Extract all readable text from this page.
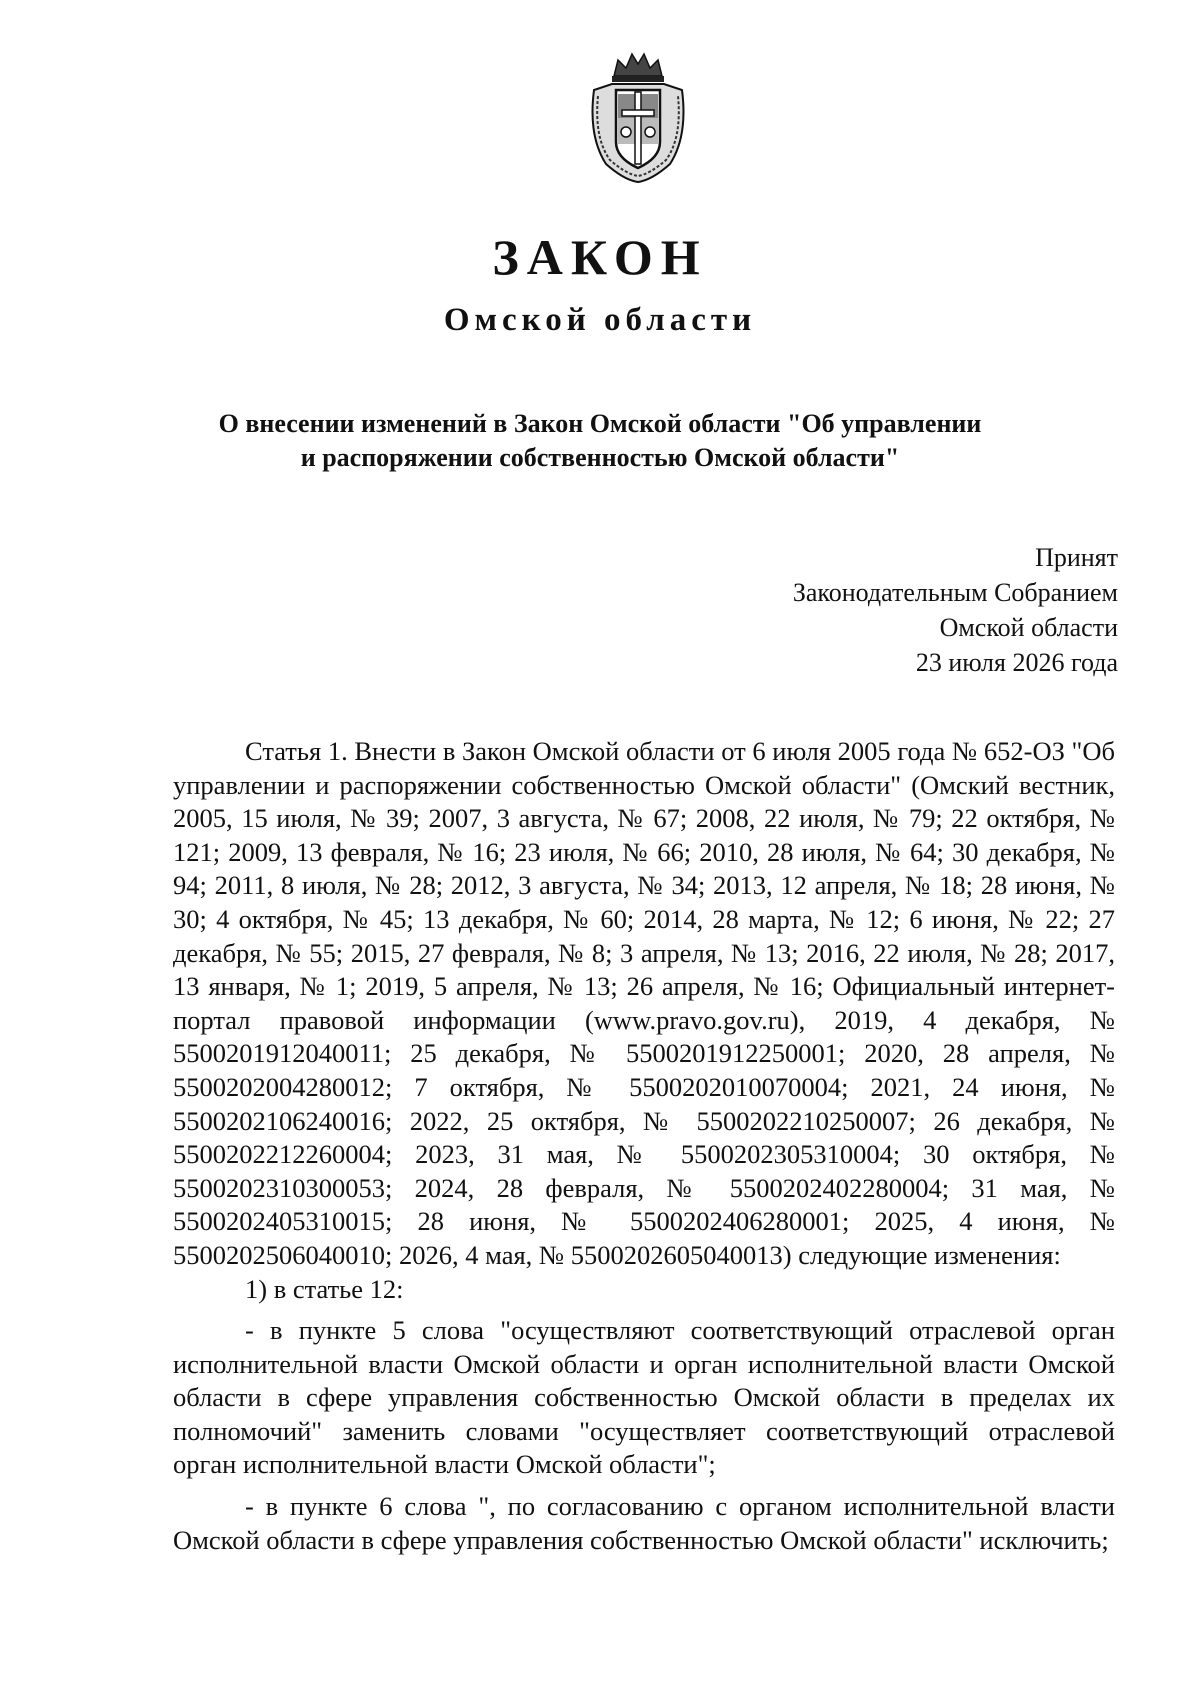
ЗАКОН
Омской области
О внесении изменений в Закон Омской области "Об управлении
и распоряжении собственностью Омской области"
Принят
Законодательным Собранием
Омской области
23 июля 2026 года

Статья 1. Внести в Закон Омской области от 6 июля 2005 года № 652-ОЗ "Об управлении и распоряжении собственностью Омской области" (Омский вестник, 2005, 15 июля, № 39; 2007, 3 августа, № 67; 2008, 22 июля, № 79; 22 октября, № 121; 2009, 13 февраля, № 16; 23 июля, № 66; 2010, 28 июля, № 64; 30 декабря, № 94; 2011, 8 июля, № 28; 2012, 3 августа, № 34; 2013, 12 апреля, № 18; 28 июня, № 30; 4 октября, № 45; 13 декабря, № 60; 2014, 28 марта, № 12; 6 июня, № 22; 27 декабря, № 55; 2015, 27 февраля, № 8; 3 апреля, № 13; 2016, 22 июля, № 28; 2017, 13 января, № 1; 2019, 5 апреля, № 13; 26 апреля, № 16; Официальный интернет-портал правовой информации (www.pravo.gov.ru), 2019, 4 декабря, № 5500201912040011; 25 декабря, № 5500201912250001; 2020, 28 апреля, № 5500202004280012; 7 октября, № 5500202010070004; 2021, 24 июня, № 5500202106240016; 2022, 25 октября, № 5500202210250007; 26 декабря, № 5500202212260004; 2023, 31 мая, № 5500202305310004; 30 октября, № 5500202310300053; 2024, 28 февраля, № 5500202402280004; 31 мая, № 5500202405310015; 28 июня, № 5500202406280001; 2025, 4 июня, № 5500202506040010; 2026, 4 мая, № 5500202605040013) следующие изменения:

1) в статье 12:

- в пункте 5 слова "осуществляют соответствующий отраслевой орган исполнительной власти Омской области и орган исполнительной власти Омской области в сфере управления собственностью Омской области в пределах их полномочий" заменить словами "осуществляет соответствующий отраслевой орган исполнительной власти Омской области";

- в пункте 6 слова ", по согласованию с органом исполнительной власти Омской области в сфере управления собственностью Омской области" исключить;
